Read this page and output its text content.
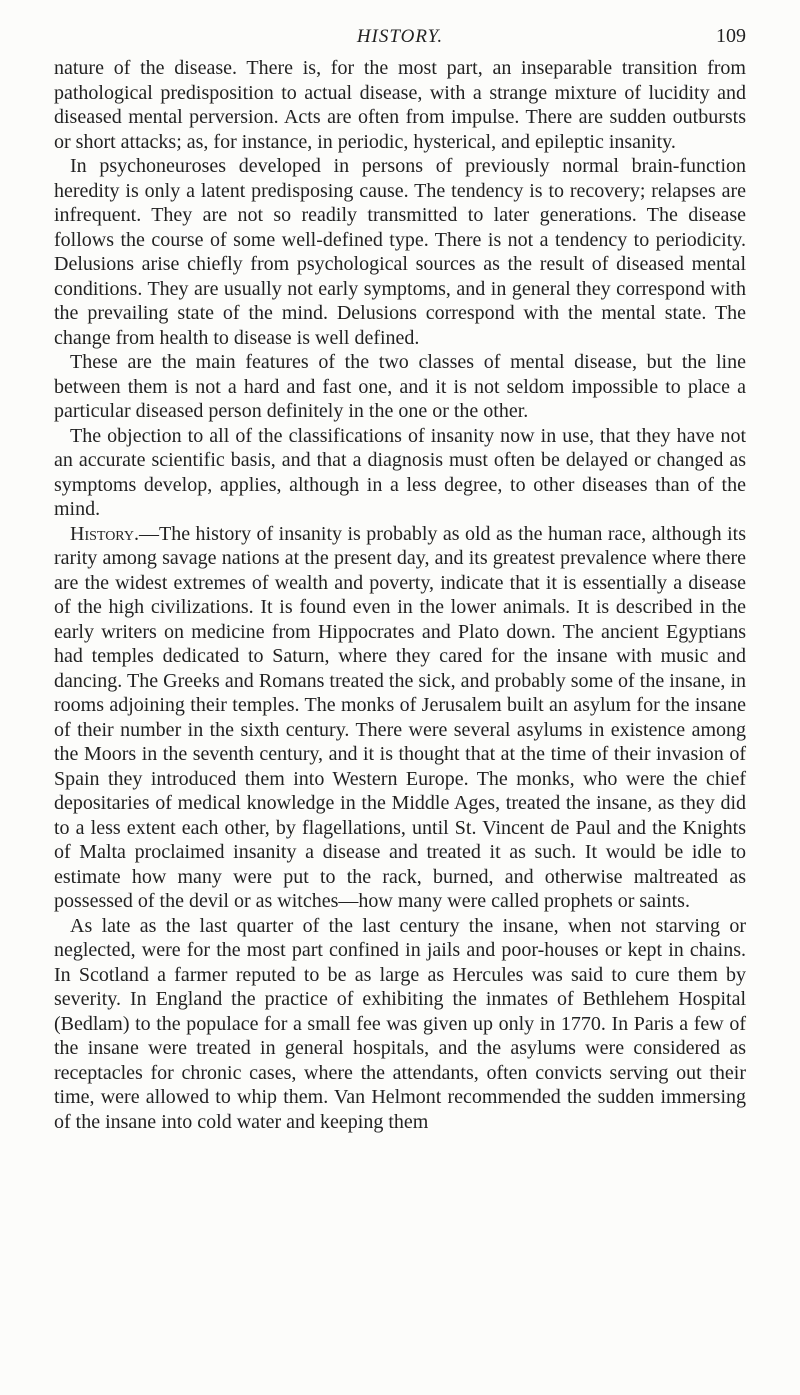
HISTORY.	109

nature of the disease. There is, for the most part, an inseparable transition from pathological predisposition to actual disease, with a strange mixture of lucidity and diseased mental perversion. Acts are often from impulse. There are sudden outbursts or short attacks; as, for instance, in periodic, hysterical, and epileptic insanity.

In psychoneuroses developed in persons of previously normal brain-function heredity is only a latent predisposing cause. The tendency is to recovery; relapses are infrequent. They are not so readily transmitted to later generations. The disease follows the course of some well-defined type. There is not a tendency to periodicity. Delusions arise chiefly from psychological sources as the result of diseased mental conditions. They are usually not early symptoms, and in general they correspond with the prevailing state of the mind. Delusions correspond with the mental state. The change from health to disease is well defined.

These are the main features of the two classes of mental disease, but the line between them is not a hard and fast one, and it is not seldom impossible to place a particular diseased person definitely in the one or the other.

The objection to all of the classifications of insanity now in use, that they have not an accurate scientific basis, and that a diagnosis must often be delayed or changed as symptoms develop, applies, although in a less degree, to other diseases than of the mind.

History.—The history of insanity is probably as old as the human race, although its rarity among savage nations at the present day, and its greatest prevalence where there are the widest extremes of wealth and poverty, indicate that it is essentially a disease of the high civilizations. It is found even in the lower animals. It is described in the early writers on medicine from Hippocrates and Plato down. The ancient Egyptians had temples dedicated to Saturn, where they cared for the insane with music and dancing. The Greeks and Romans treated the sick, and probably some of the insane, in rooms adjoining their temples. The monks of Jerusalem built an asylum for the insane of their number in the sixth century. There were several asylums in existence among the Moors in the seventh century, and it is thought that at the time of their invasion of Spain they introduced them into Western Europe. The monks, who were the chief depositaries of medical knowledge in the Middle Ages, treated the insane, as they did to a less extent each other, by flagellations, until St. Vincent de Paul and the Knights of Malta proclaimed insanity a disease and treated it as such. It would be idle to estimate how many were put to the rack, burned, and otherwise maltreated as possessed of the devil or as witches—how many were called prophets or saints.

As late as the last quarter of the last century the insane, when not starving or neglected, were for the most part confined in jails and poor-houses or kept in chains. In Scotland a farmer reputed to be as large as Hercules was said to cure them by severity. In England the practice of exhibiting the inmates of Bethlehem Hospital (Bedlam) to the populace for a small fee was given up only in 1770. In Paris a few of the insane were treated in general hospitals, and the asylums were considered as receptacles for chronic cases, where the attendants, often convicts serving out their time, were allowed to whip them. Van Helmont recommended the sudden immersing of the insane into cold water and keeping them
